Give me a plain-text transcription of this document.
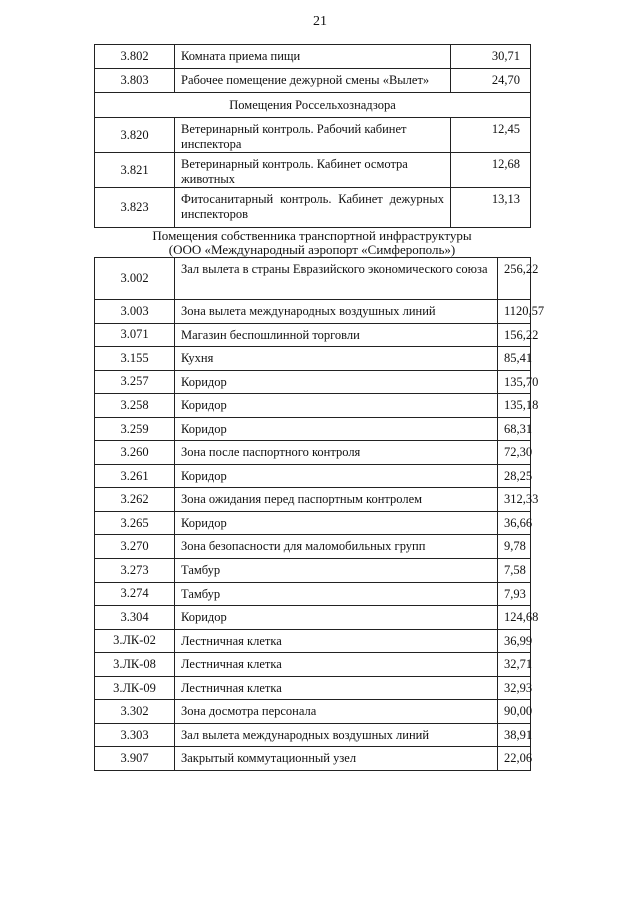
21
3.802	Комната приема пищи	30,71
3.803	Рабочее помещение дежурной смены «Вылет»	24,70
Помещения Россельхознадзора		
3.820	Ветеринарный контроль. Рабочий кабинет инспектора	12,45
3.821	Ветеринарный контроль. Кабинет осмотра животных	12,68
3.823	Фитосанитарный контроль. Кабинет дежурных инспекторов	13,13
Помещения собственника транспортной инфраструктуры
(ООО «Международный аэропорт «Симферополь»)
3.002	Зал вылета в страны Евразийского экономического союза	256,22
3.003	Зона вылета международных воздушных линий	1120,57
3.071	Магазин беспошлинной торговли	156,22
3.155	Кухня	85,41
3.257	Коридор	135,70
3.258	Коридор	135,18
3.259	Коридор	68,31
3.260	Зона после паспортного контроля	72,30
3.261	Коридор	28,25
3.262	Зона ожидания перед паспортным контролем	312,33
3.265	Коридор	36,66
3.270	Зона безопасности для маломобильных групп	9,78
3.273	Тамбур	7,58
3.274	Тамбур	7,93
3.304	Коридор	124,68
3.ЛК-02	Лестничная клетка	36,99
3.ЛК-08	Лестничная клетка	32,71
3.ЛК-09	Лестничная клетка	32,93
3.302	Зона досмотра персонала	90,00
3.303	Зал вылета международных воздушных линий	38,91
3.907	Закрытый коммутационный узел	22,06
